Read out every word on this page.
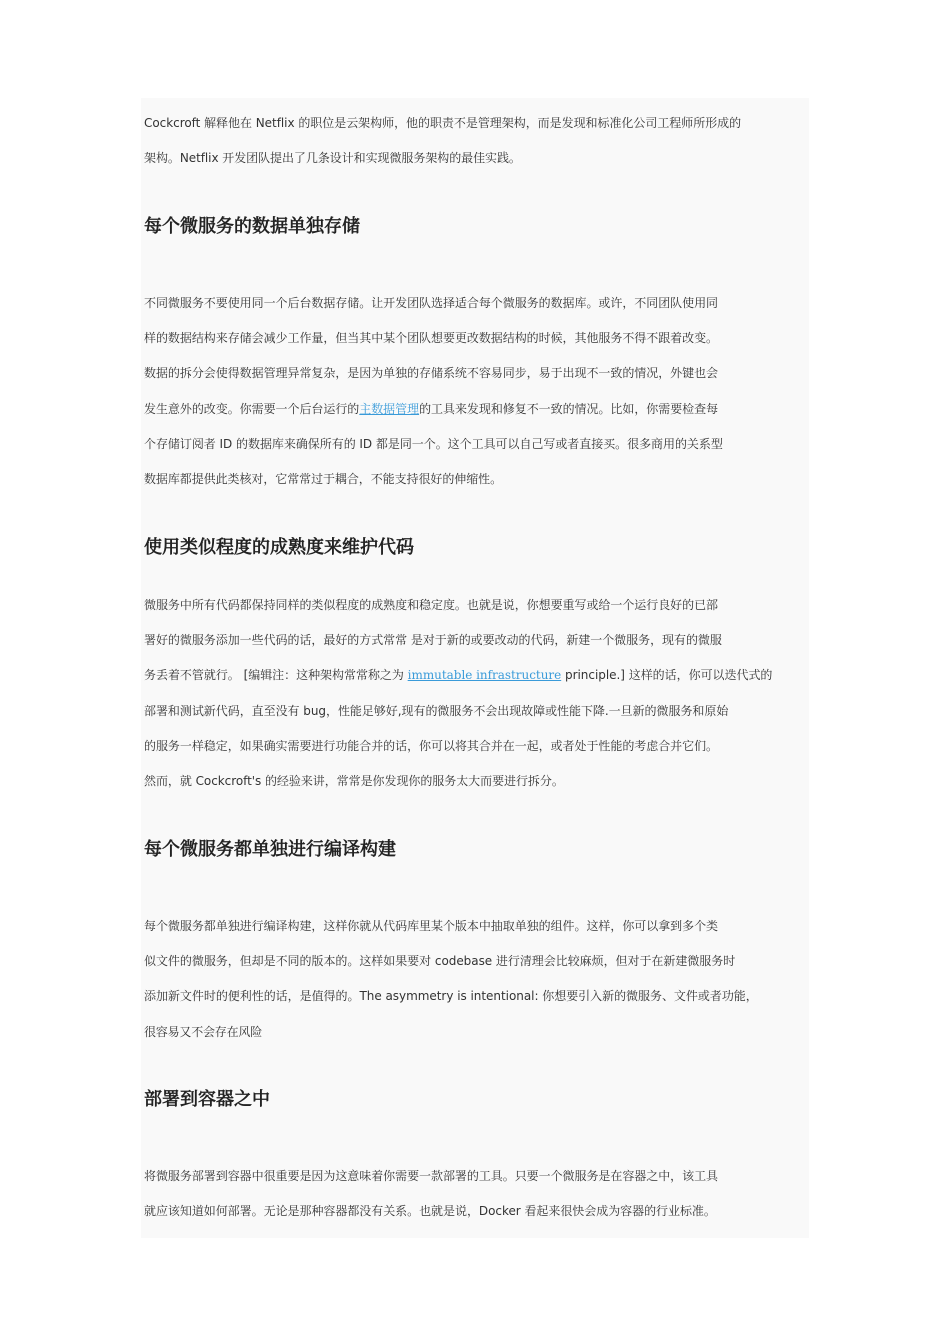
Cockcroft 解释他在 Netflix 的职位是云架构师，他的职责不是管理架构，而是发现和标准化公司工程师所形成的
架构。Netflix 开发团队提出了几条设计和实现微服务架构的最佳实践。
每个微服务的数据单独存储
不同微服务不要使用同一个后台数据存储。让开发团队选择适合每个微服务的数据库。或许，不同团队使用同
样的数据结构来存储会减少工作量，但当其中某个团队想要更改数据结构的时候，其他服务不得不跟着改变。
数据的拆分会使得数据管理异常复杂，是因为单独的存储系统不容易同步，易于出现不一致的情况，外键也会
发生意外的改变。你需要一个后台运行的主数据管理的工具来发现和修复不一致的情况。比如，你需要检查每
个存储订阅者 ID 的数据库来确保所有的 ID 都是同一个。这个工具可以自己写或者直接买。很多商用的关系型
数据库都提供此类核对，它常常过于耦合，不能支持很好的伸缩性。
使用类似程度的成熟度来维护代码
微服务中所有代码都保持同样的类似程度的成熟度和稳定度。也就是说，你想要重写或给一个运行良好的已部
署好的微服务添加一些代码的话，最好的方式常常 是对于新的或要改动的代码，新建一个微服务，现有的微服
务丢着不管就行。 [编辑注：这种架构常常称之为 immutable infrastructure principle.] 这样的话，你可以迭代式的
部署和测试新代码，直至没有 bug，性能足够好,现有的微服务不会出现故障或性能下降.一旦新的微服务和原始
的服务一样稳定，如果确实需要进行功能合并的话，你可以将其合并在一起，或者处于性能的考虑合并它们。
然而，就 Cockcroft's 的经验来讲，常常是你发现你的服务太大而要进行拆分。
每个微服务都单独进行编译构建
每个微服务都单独进行编译构建，这样你就从代码库里某个版本中抽取单独的组件。这样，你可以拿到多个类
似文件的微服务，但却是不同的版本的。这样如果要对 codebase 进行清理会比较麻烦，但对于在新建微服务时
添加新文件时的便利性的话，是值得的。The asymmetry is intentional: 你想要引入新的微服务、文件或者功能，
很容易又不会存在风险
部署到容器之中
将微服务部署到容器中很重要是因为这意味着你需要一款部署的工具。只要一个微服务是在容器之中，该工具
就应该知道如何部署。无论是那种容器都没有关系。也就是说，Docker 看起来很快会成为容器的行业标准。
